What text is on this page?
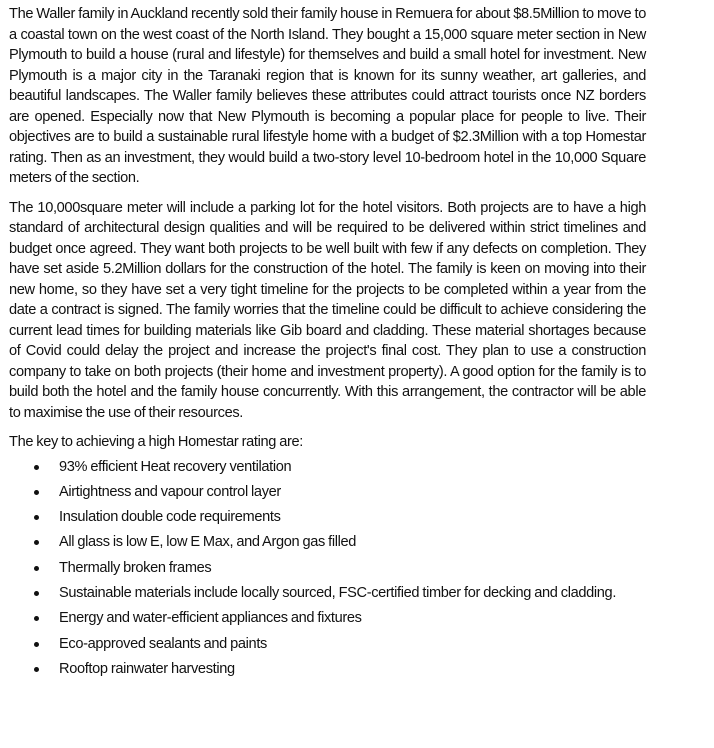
The Waller family in Auckland recently sold their family house in Remuera for about $8.5Million to move to a coastal town on the west coast of the North Island. They bought a 15,000 square meter section in New Plymouth to build a house (rural and lifestyle) for themselves and build a small hotel for investment. New Plymouth is a major city in the Taranaki region that is known for its sunny weather, art galleries, and beautiful landscapes. The Waller family believes these attributes could attract tourists once NZ borders are opened. Especially now that New Plymouth is becoming a popular place for people to live. Their objectives are to build a sustainable rural lifestyle home with a budget of $2.3Million with a top Homestar rating. Then as an investment, they would build a two-story level 10-bedroom hotel in the 10,000 Square meters of the section.

The 10,000square meter will include a parking lot for the hotel visitors. Both projects are to have a high standard of architectural design qualities and will be required to be delivered within strict timelines and budget once agreed. They want both projects to be well built with few if any defects on completion. They have set aside 5.2Million dollars for the construction of the hotel. The family is keen on moving into their new home, so they have set a very tight timeline for the projects to be completed within a year from the date a contract is signed. The family worries that the timeline could be difficult to achieve considering the current lead times for building materials like Gib board and cladding. These material shortages because of Covid could delay the project and increase the project's final cost. They plan to use a construction company to take on both projects (their home and investment property). A good option for the family is to build both the hotel and the family house concurrently. With this arrangement, the contractor will be able to maximise the use of their resources.

The key to achieving a high Homestar rating are:

93% efficient Heat recovery ventilation
Airtightness and vapour control layer
Insulation double code requirements
All glass is low E, low E Max, and Argon gas filled
Thermally broken frames
Sustainable materials include locally sourced, FSC-certified timber for decking and cladding.
Energy and water-efficient appliances and fixtures
Eco-approved sealants and paints
Rooftop rainwater harvesting
